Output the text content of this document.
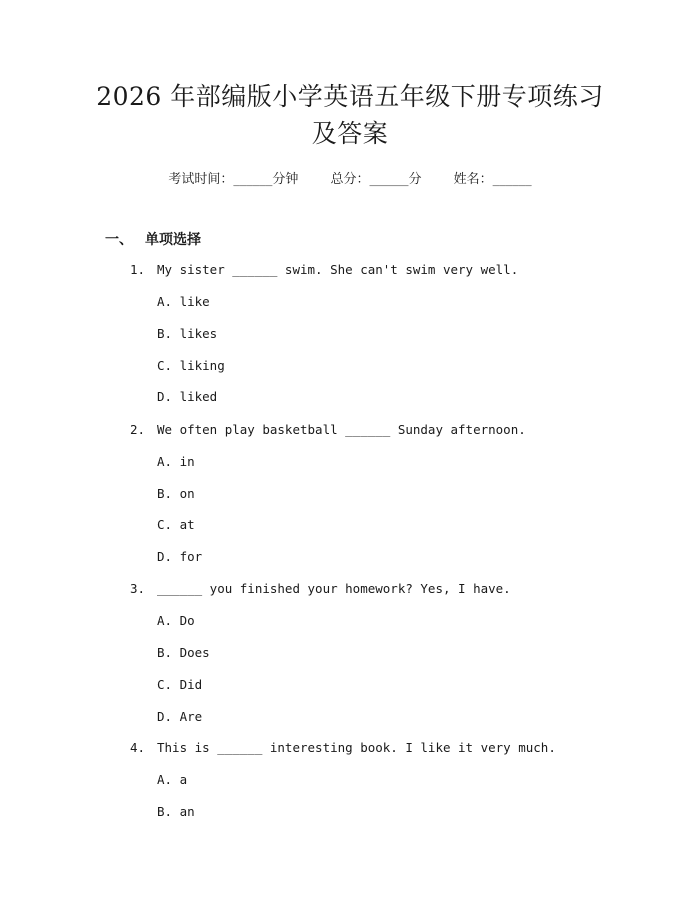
2026 年部编版小学英语五年级下册专项练习
及答案
考试时间：______分钟 总分：______分 姓名：______
一、 单项选择
1. My sister ______ swim. She can't swim very well.
A. like
B. likes
C. liking
D. liked
2. We often play basketball ______ Sunday afternoon.
A. in
B. on
C. at
D. for
3. ______ you finished your homework? Yes, I have.
A. Do
B. Does
C. Did
D. Are
4. This is ______ interesting book. I like it very much.
A. a
B. an
